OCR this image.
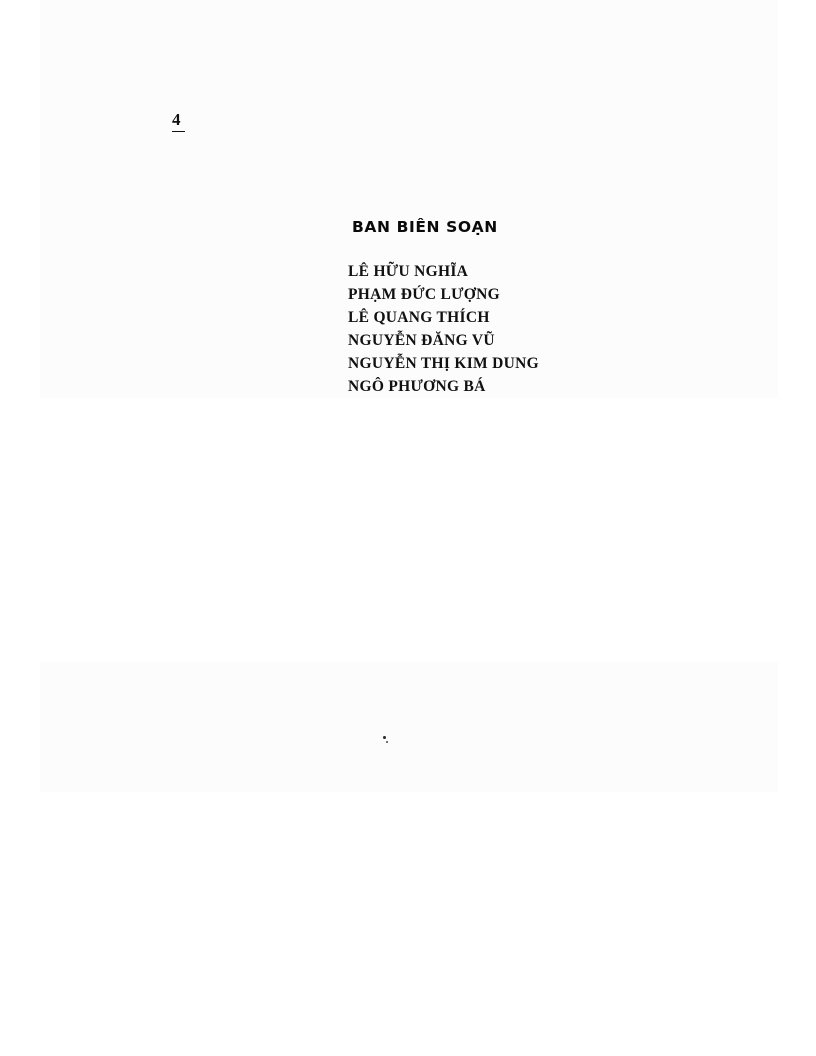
4
BAN BIÊN SOẠN
LÊ HỮU NGHĨA
PHẠM ĐỨC LƯỢNG
LÊ QUANG THÍCH
NGUYỄN ĐĂNG VŨ
NGUYỄN THỊ KIM DUNG
NGÔ PHƯƠNG BÁ
